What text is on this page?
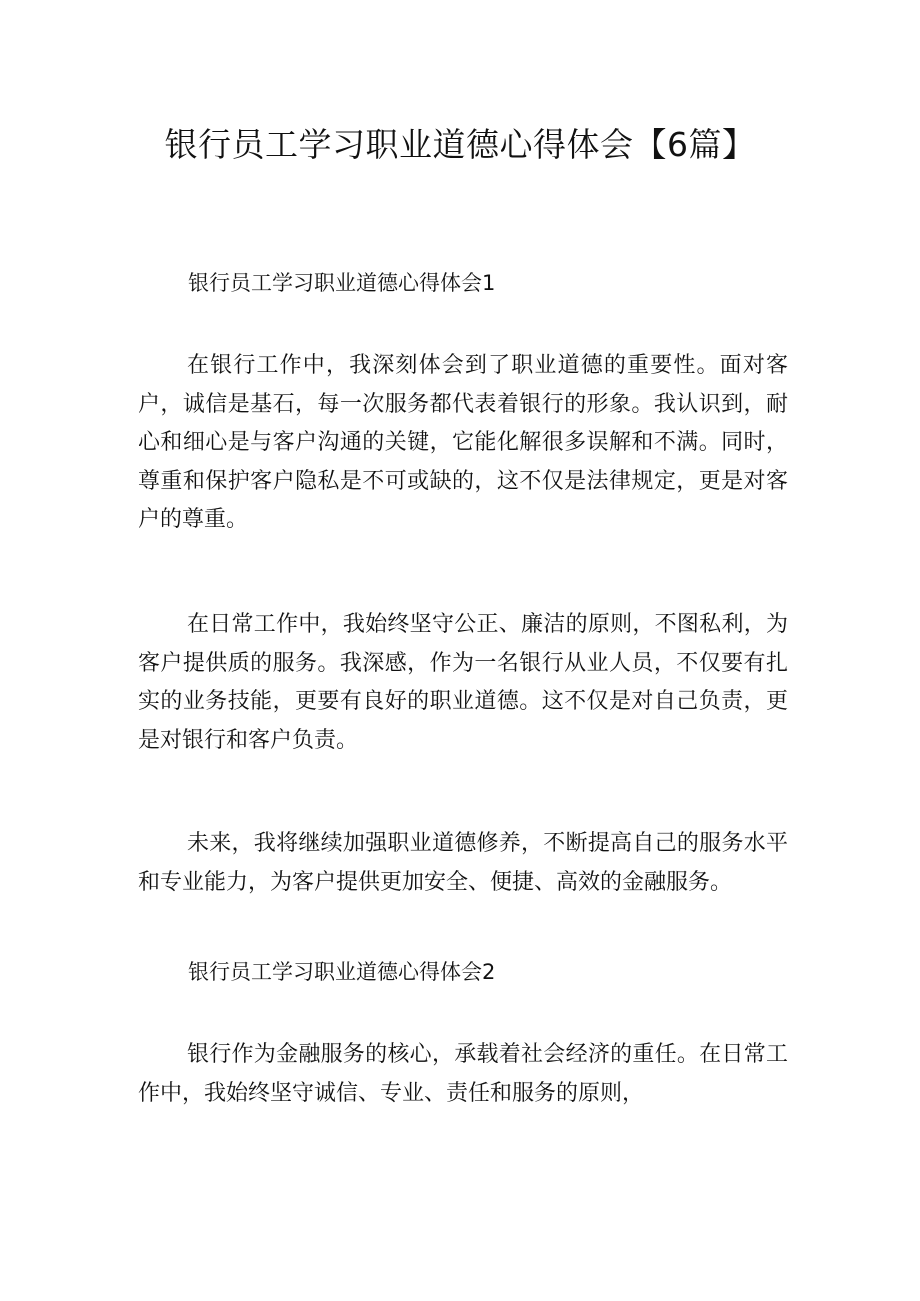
银行员工学习职业道德心得体会【6篇】
银行员工学习职业道德心得体会1

在银行工作中，我深刻体会到了职业道德的重要性。面对客户，诚信是基石，每一次服务都代表着银行的形象。我认识到，耐心和细心是与客户沟通的关键，它能化解很多误解和不满。同时，尊重和保护客户隐私是不可或缺的，这不仅是法律规定，更是对客户的尊重。

在日常工作中，我始终坚守公正、廉洁的原则，不图私利，为客户提供质的服务。我深感，作为一名银行从业人员，不仅要有扎实的业务技能，更要有良好的职业道德。这不仅是对自己负责，更是对银行和客户负责。

未来，我将继续加强职业道德修养，不断提高自己的服务水平和专业能力，为客户提供更加安全、便捷、高效的金融服务。

银行员工学习职业道德心得体会2

银行作为金融服务的核心，承载着社会经济的重任。在日常工作中，我始终坚守诚信、专业、责任和服务的原则，
